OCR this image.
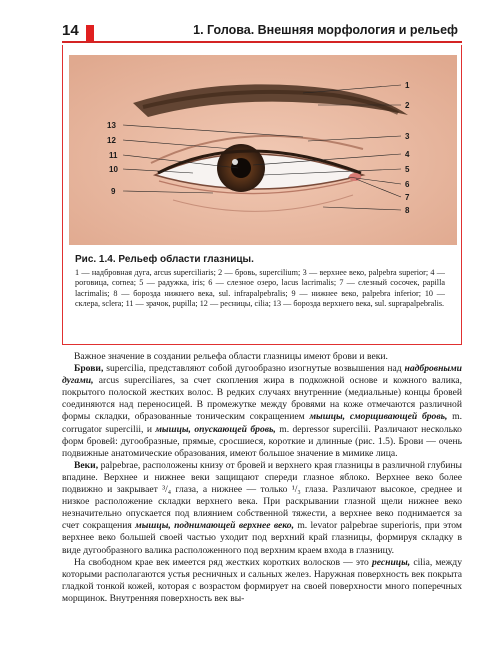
14	1. Голова. Внешняя морфология и рельеф
1
2
3
4
5
6
7
8
13
12
11
10
9
Рис. 1.4. Рельеф области глазницы.
1 — надбровная дуга, arcus superciliaris; 2 — бровь, supercilium; 3 — верхнее веко, palpebra superior; 4 — роговица, cornea; 5 — радужка, iris; 6 — слезное озеро, lacus lacrimalis; 7 — слезный сосочек, papilla lacrimalis; 8 — борозда нижнего века, sul. infrapalpebralis; 9 — нижнее веко, palpebra inferior; 10 — склера, sclera; 11 — зрачок, pupilla; 12 — ресницы, cilia; 13 — борозда верхнего века, sul. suprapalpebralis.

Важное значение в создании рельефа области глазницы имеют брови и веки.

Брови, supercilia, представляют собой дугообразно изогнутые возвышения над надбровными дугами, arcus superciliares, за счет скопления жира в подкожной основе и кожного валика, покрытого полоской жестких волос. В редких случаях внутренние (медиальные) концы бровей соединяются над переносицей. В промежутке между бровями на коже отмечаются различной формы складки, образованные тоническим сокращением мышцы, сморщивающей бровь, m. corrugator supercilii, и мышцы, опускающей бровь, m. depressor supercilii. Различают несколько форм бровей: дугообразные, прямые, сросшиеся, короткие и длинные (рис. 1.5). Брови — очень подвижные анатомические образования, имеют большое значение в мимике лица.

Веки, palpebrae, расположены книзу от бровей и верхнего края глазницы в различной глубины впадине. Верхнее и нижнее веки защищают спереди глазное яблоко. Верхнее веко более подвижно и закрывает ³/₄ глаза, а нижнее — только ¹/₃ глаза. Различают высокое, среднее и низкое расположение складки верхнего века. При раскрывании глазной щели нижнее веко незначительно опускается под влиянием собственной тяжести, а верхнее веко поднимается за счет сокращения мышцы, поднимающей верхнее веко, m. levator palpebrae superioris, при этом верхнее веко большей своей частью уходит под верхний край глазницы, формируя складку в виде дугообразного валика расположенного под верхним краем входа в глазницу.

На свободном крае век имеется ряд жестких коротких волосков — это ресницы, cilia, между которыми располагаются устья ресничных и сальных желез. Наружная поверхность век покрыта гладкой тонкой кожей, которая с возрастом формирует на своей поверхности много поперечных морщинок. Внутренняя поверхность век вы-
